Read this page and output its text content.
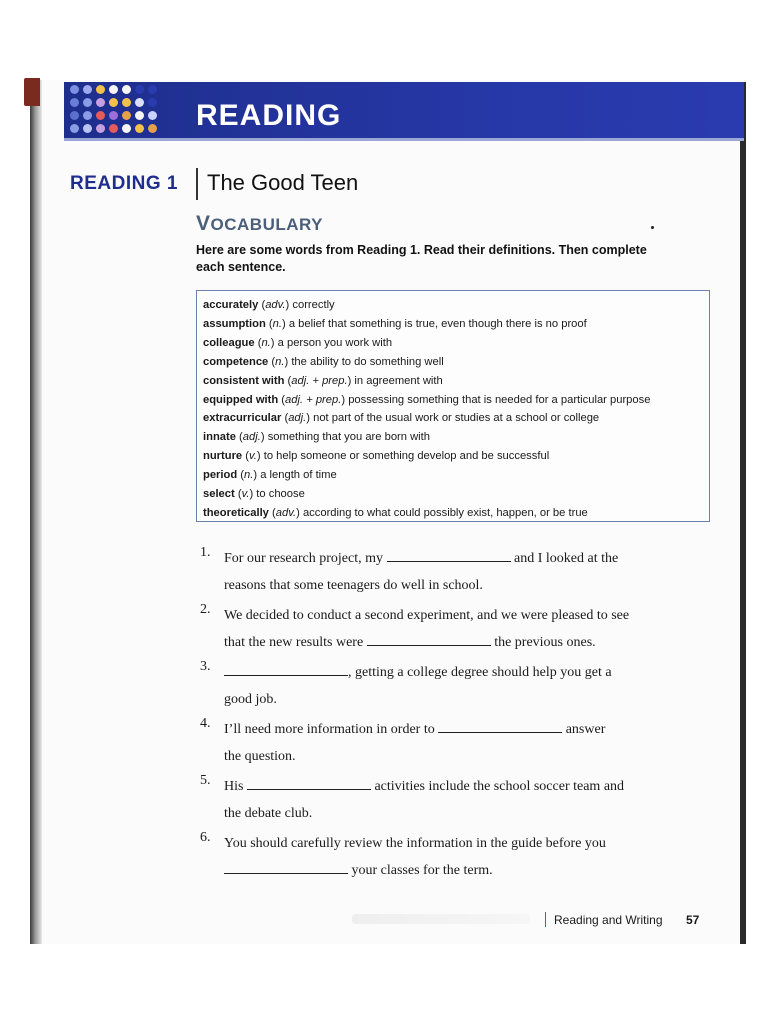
READING
READING 1 The Good Teen
VOCABULARY
Here are some words from Reading 1. Read their definitions. Then complete each sentence.
accurately (adv.) correctly
assumption (n.) a belief that something is true, even though there is no proof
colleague (n.) a person you work with
competence (n.) the ability to do something well
consistent with (adj. + prep.) in agreement with
equipped with (adj. + prep.) possessing something that is needed for a particular purpose
extracurricular (adj.) not part of the usual work or studies at a school or college
innate (adj.) something that you are born with
nurture (v.) to help someone or something develop and be successful
period (n.) a length of time
select (v.) to choose
theoretically (adv.) according to what could possibly exist, happen, or be true
1. For our research project, my	and I looked at the
reasons that some teenagers do well in school.
2. We decided to conduct a second experiment, and we were pleased to see
that the new results were	the previous ones.
3.	, getting a college degree should help you get a
good job.
4. I’ll need more information in order to	answer
the question.
5. His	activities include the school soccer team and
the debate club.
6. You should carefully review the information in the guide before you
your classes for the term.
Reading and Writing 57
